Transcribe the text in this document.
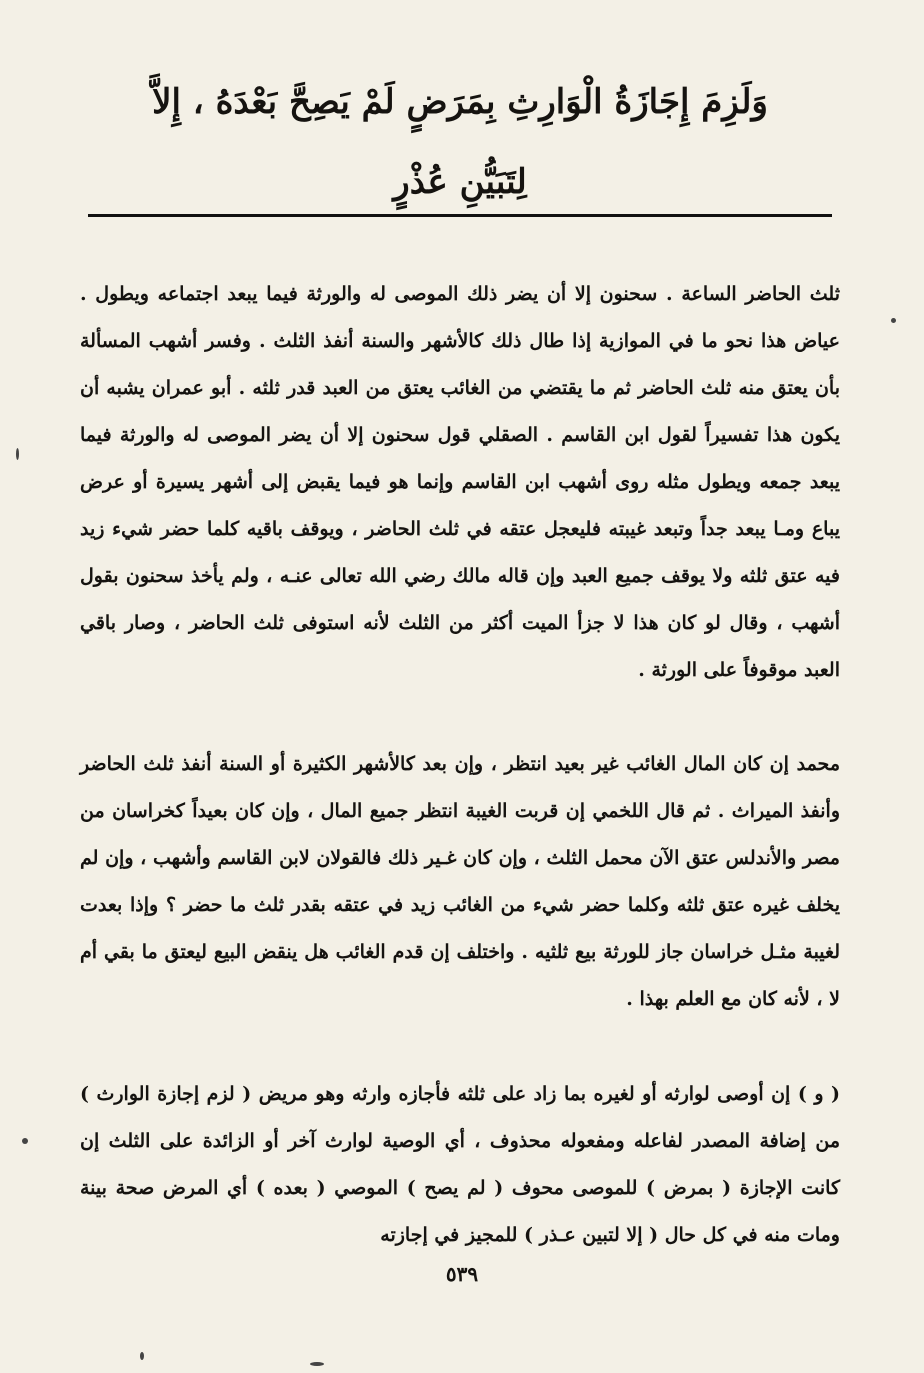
وَلَزِمَ إِجَازَةُ الْوَارِثِ بِمَرَضٍ لَمْ يَصِحَّ بَعْدَهُ ، إِلاَّ
لِتَبَيُّنِ عُذْرٍ

ثلث الحاضر الساعة . سحنون إلا أن يضر ذلك الموصى له والورثة فيما يبعد اجتماعه ويطول . عياض هذا نحو ما في الموازية إذا طال ذلك كالأشهر والسنة أنفذ الثلث . وفسر أشهب المسألة بأن يعتق منه ثلث الحاضر ثم ما يقتضي من الغائب يعتق من العبد قدر ثلثه . أبو عمران يشبه أن يكون هذا تفسيراً لقول ابن القاسم . الصقلي قول سحنون إلا أن يضر الموصى له والورثة فيما يبعد جمعه ويطول مثله روى أشهب ابن القاسم وإنما هو فيما يقبض إلى أشهر يسيرة أو عرض يباع ومـا يبعد جداً وتبعد غيبته فليعجل عتقه في ثلث الحاضر ، ويوقف باقيه كلما حضر شيء زيد فيه عتق ثلثه ولا يوقف جميع العبد وإن قاله مالك رضي الله تعالى عنـه ، ولم يأخذ سحنون بقول أشهب ، وقال لو كان هذا لا جزأ الميت أكثر من الثلث لأنه استوفى ثلث الحاضر ، وصار باقي العبد موقوفاً على الورثة .

محمد إن كان المال الغائب غير بعيد انتظر ، وإن بعد كالأشهر الكثيرة أو السنة أنفذ ثلث الحاضر وأنفذ الميراث . ثم قال اللخمي إن قربت الغيبة انتظر جميع المال ، وإن كان بعيداً كخراسان من مصر والأندلس عتق الآن محمل الثلث ، وإن كان غـير ذلك فالقولان لابن القاسم وأشهب ، وإن لم يخلف غيره عتق ثلثه وكلما حضر شيء من الغائب زيد في عتقه بقدر ثلث ما حضر ؟ وإذا بعدت لغيبة مثـل خراسان جاز للورثة بيع ثلثيه . واختلف إن قدم الغائب هل ينقض البيع ليعتق ما بقي أم لا ، لأنه كان مع العلم بهذا .

( و ) إن أوصى لوارثه أو لغيره بما زاد على ثلثه فأجازه وارثه وهو مريض ( لزم إجازة الوارث ) من إضافة المصدر لفاعله ومفعوله محذوف ، أي الوصية لوارث آخر أو الزائدة على الثلث إن كانت الإجازة ( بمرض ) للموصى محوف ( لم يصح ) الموصي ( بعده ) أي المرض صحة بينة ومات منه في كل حال ( إلا لتبين عـذر ) للمجيز في إجازته

٥٣٩
